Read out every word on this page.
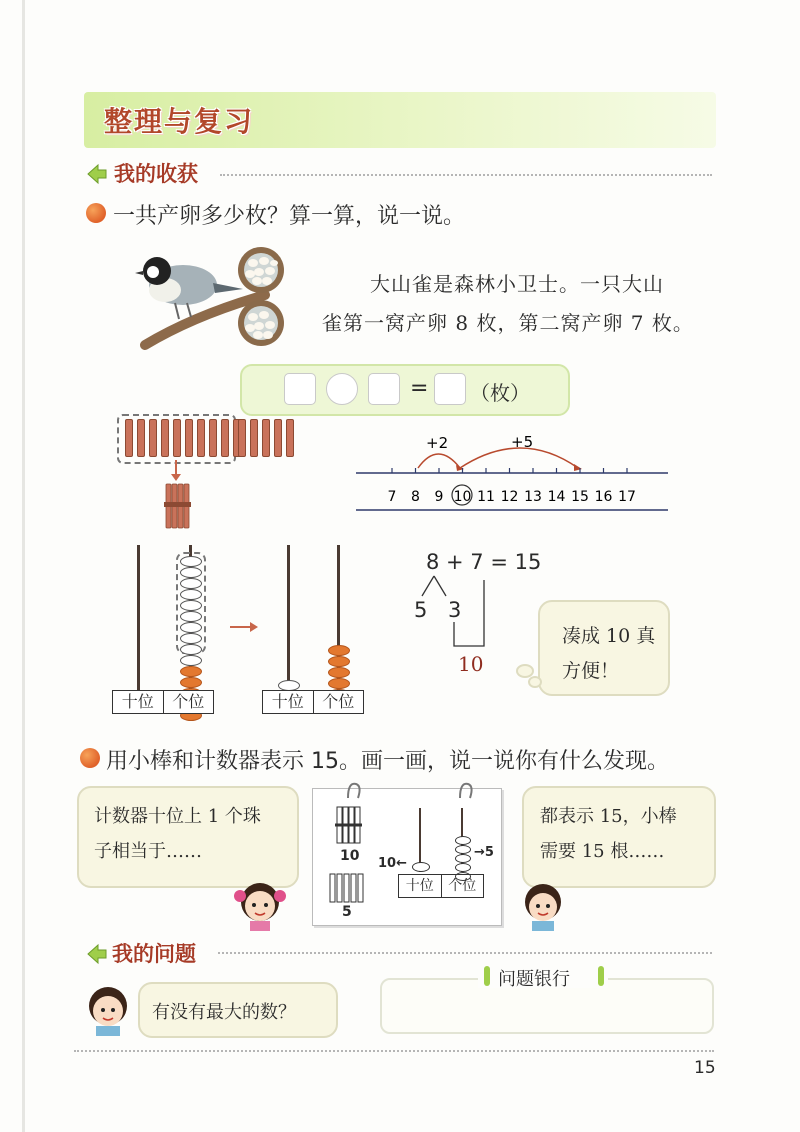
整理与复习
我的收获
一共产卵多少枚？算一算，说一说。
大山雀是森林小卫士。一只大山
雀第一窝产卵 8 枚，第二窝产卵 7 枚。
= （枚）
+2	+5
7 8 9 10 11 12 13 14 15 16 17
十位	个位	十位	个位
8 + 7 = 15
5 3
10
凑成 10 真
方便！
用小棒和计数器表示 15。画一画，说一说你有什么发现。
计数器十位上 1 个珠
子相当于……	10
5
10←
→5
十位	个位
都表示 15，小棒
需要 15 根……
我的问题
有没有最大的数？
问题银行
15
